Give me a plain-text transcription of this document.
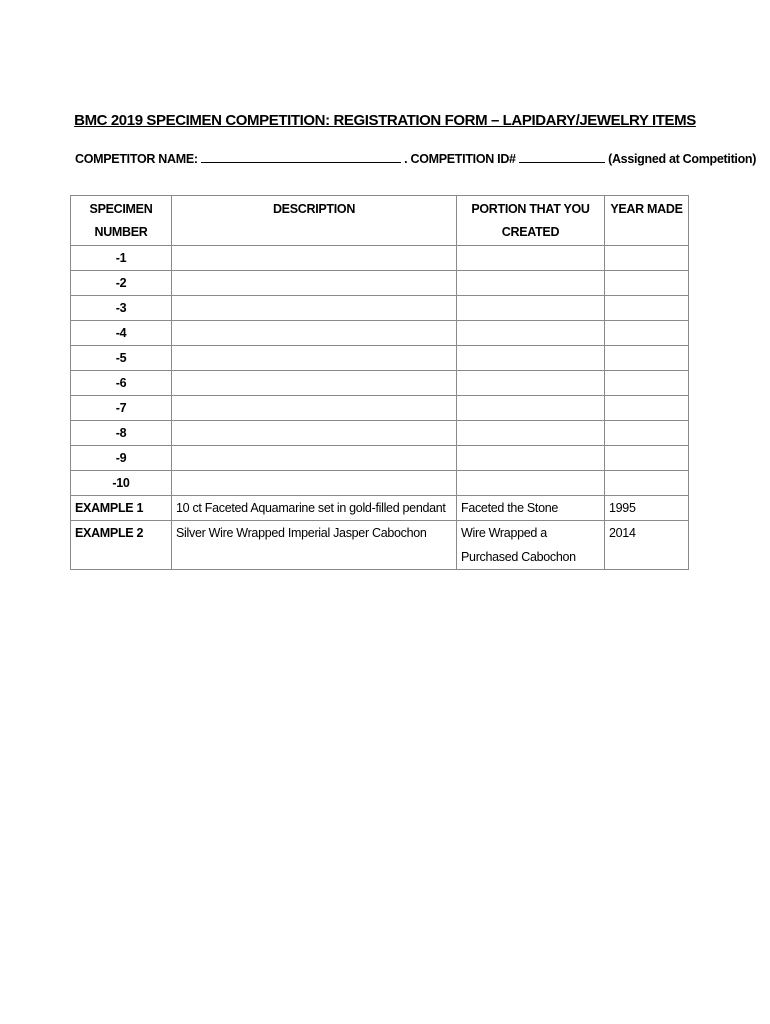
BMC 2019 SPECIMEN COMPETITION: REGISTRATION FORM – LAPIDARY/JEWELRY ITEMS
COMPETITOR NAME:	. COMPETITION ID#	(Assigned at Competition)
SPECIMEN NUMBER	DESCRIPTION	PORTION THAT YOU CREATED	YEAR MADE
-1			
-2			
-3			
-4			
-5			
-6			
-7			
-8			
-9			
-10			
EXAMPLE 1	10 ct Faceted Aquamarine set in gold-filled pendant	Faceted the Stone	1995
EXAMPLE 2	Silver Wire Wrapped Imperial Jasper Cabochon	Wire Wrapped a Purchased Cabochon	2014
